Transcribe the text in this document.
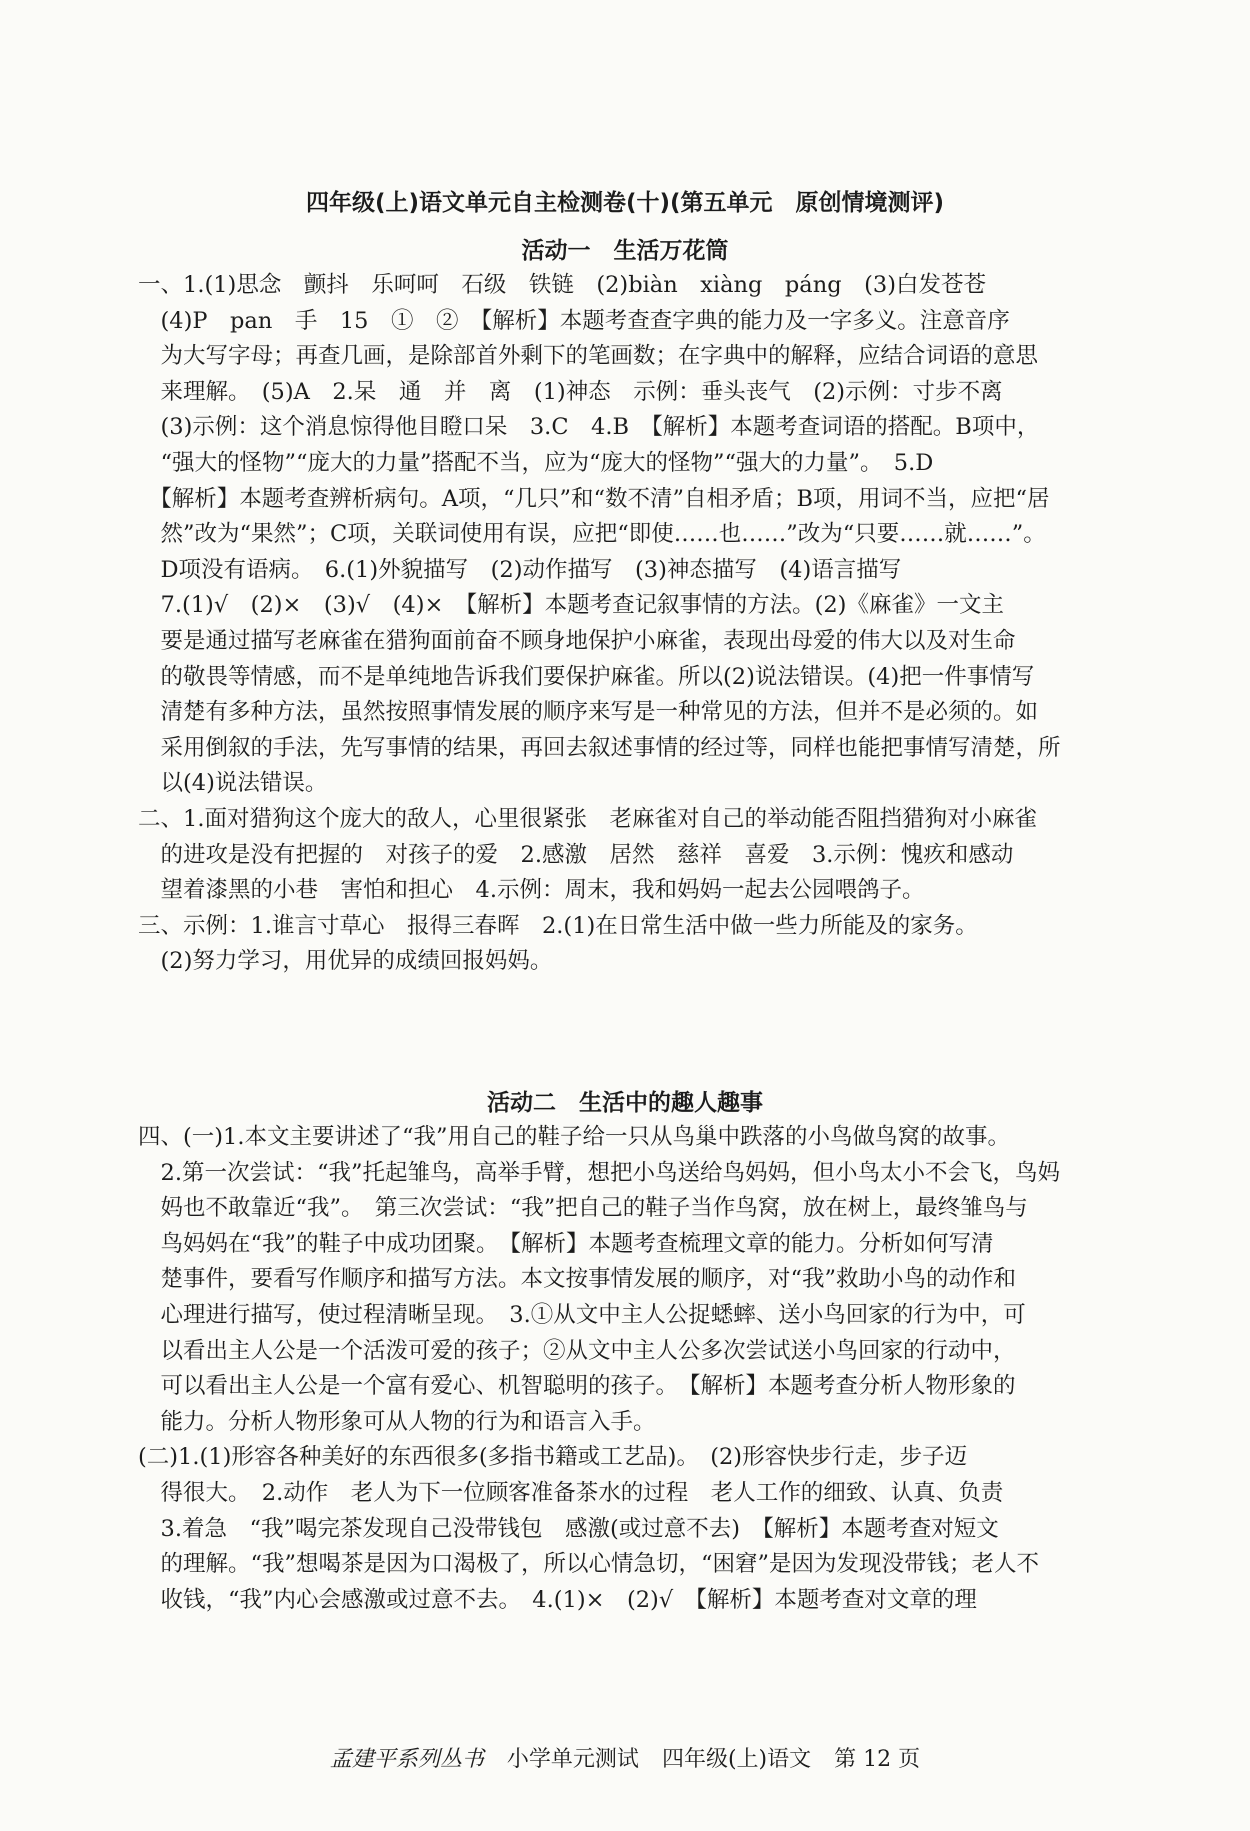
四年级(上)语文单元自主检测卷(十)(第五单元　原创情境测评)
活动一　生活万花筒
活动二　生活中的趣人趣事
一、1.(1)思念　颤抖　乐呵呵　石级　铁链　(2)biàn　xiàng　páng　(3)白发苍苍
　(4)P　pan　手　15　①　②　【解析】本题考查查字典的能力及一字多义。注意音序
　为大写字母；再查几画，是除部首外剩下的笔画数；在字典中的解释，应结合词语的意思
　来理解。　(5)A　2.呆　通　并　离　(1)神态　示例：垂头丧气　(2)示例：寸步不离
　(3)示例：这个消息惊得他目瞪口呆　3.C　4.B　【解析】本题考查词语的搭配。B项中，
　“强大的怪物”“庞大的力量”搭配不当，应为“庞大的怪物”“强大的力量”。　5.D
　【解析】本题考查辨析病句。A项，“几只”和“数不清”自相矛盾；B项，用词不当，应把“居
　然”改为“果然”；C项，关联词使用有误，应把“即使……也……”改为“只要……就……”。
　D项没有语病。　6.(1)外貌描写　(2)动作描写　(3)神态描写　(4)语言描写
　7.(1)√　(2)×　(3)√　(4)×　【解析】本题考查记叙事情的方法。(2)《麻雀》一文主
　要是通过描写老麻雀在猎狗面前奋不顾身地保护小麻雀，表现出母爱的伟大以及对生命
　的敬畏等情感，而不是单纯地告诉我们要保护麻雀。所以(2)说法错误。(4)把一件事情写
　清楚有多种方法，虽然按照事情发展的顺序来写是一种常见的方法，但并不是必须的。如
　采用倒叙的手法，先写事情的结果，再回去叙述事情的经过等，同样也能把事情写清楚，所
　以(4)说法错误。
二、1.面对猎狗这个庞大的敌人，心里很紧张　老麻雀对自己的举动能否阻挡猎狗对小麻雀
　的进攻是没有把握的　对孩子的爱　2.感激　居然　慈祥　喜爱　3.示例：愧疚和感动
　望着漆黑的小巷　害怕和担心　4.示例：周末，我和妈妈一起去公园喂鸽子。
三、示例：1.谁言寸草心　报得三春晖　2.(1)在日常生活中做一些力所能及的家务。
　(2)努力学习，用优异的成绩回报妈妈。
四、(一)1.本文主要讲述了“我”用自己的鞋子给一只从鸟巢中跌落的小鸟做鸟窝的故事。
　2.第一次尝试：“我”托起雏鸟，高举手臂，想把小鸟送给鸟妈妈，但小鸟太小不会飞，鸟妈
　妈也不敢靠近“我”。　第三次尝试：“我”把自己的鞋子当作鸟窝，放在树上，最终雏鸟与
　鸟妈妈在“我”的鞋子中成功团聚。　【解析】本题考查梳理文章的能力。分析如何写清
　楚事件，要看写作顺序和描写方法。本文按事情发展的顺序，对“我”救助小鸟的动作和
　心理进行描写，使过程清晰呈现。　3.①从文中主人公捉蟋蟀、送小鸟回家的行为中，可
　以看出主人公是一个活泼可爱的孩子；②从文中主人公多次尝试送小鸟回家的行动中，
　可以看出主人公是一个富有爱心、机智聪明的孩子。　【解析】本题考查分析人物形象的
　能力。分析人物形象可从人物的行为和语言入手。
(二)1.(1)形容各种美好的东西很多(多指书籍或工艺品)。　(2)形容快步行走，步子迈
　得很大。　2.动作　老人为下一位顾客准备茶水的过程　老人工作的细致、认真、负责
　3.着急　“我”喝完茶发现自己没带钱包　感激(或过意不去)　【解析】本题考查对短文
　的理解。“我”想喝茶是因为口渴极了，所以心情急切，“困窘”是因为发现没带钱；老人不
　收钱，“我”内心会感激或过意不去。　4.(1)×　(2)√　【解析】本题考查对文章的理
孟建平系列丛书 小学单元测试 四年级(上)语文 第 12 页
